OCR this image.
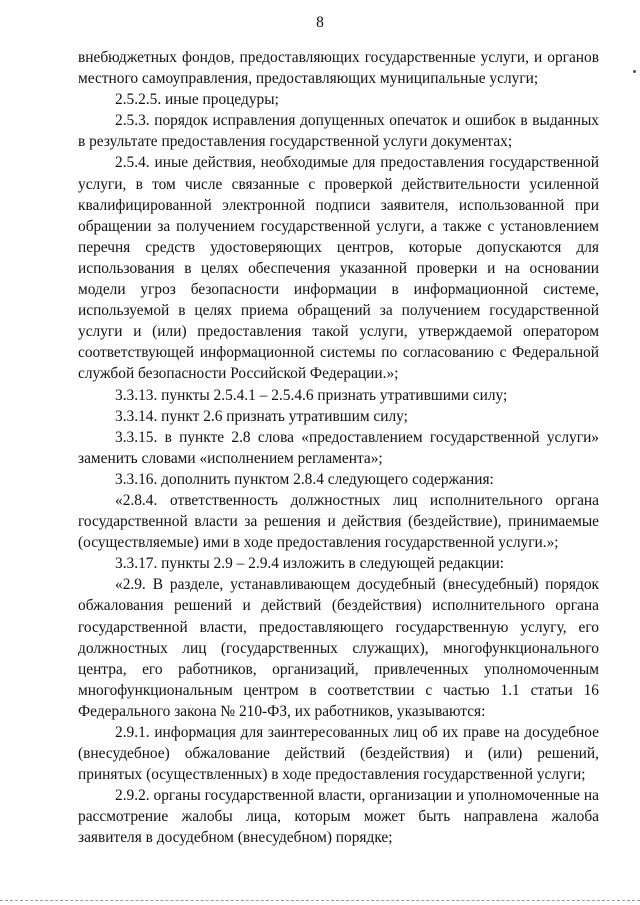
8

внебюджетных фондов, предоставляющих государственные услуги, и органов местного самоуправления, предоставляющих муниципальные услуги;

2.5.2.5. иные процедуры;

2.5.3. порядок исправления допущенных опечаток и ошибок в выданных в результате предоставления государственной услуги документах;

2.5.4. иные действия, необходимые для предоставления государственной услуги, в том числе связанные с проверкой действительности усиленной квалифицированной электронной подписи заявителя, использованной при обращении за получением государственной услуги, а также с установлением перечня средств удостоверяющих центров, которые допускаются для использования в целях обеспечения указанной проверки и на основании модели угроз безопасности информации в информационной системе, используемой в целях приема обращений за получением государственной услуги и (или) предоставления такой услуги, утверждаемой оператором соответствующей информационной системы по согласованию с Федеральной службой безопасности Российской Федерации.»;

3.3.13. пункты 2.5.4.1 – 2.5.4.6 признать утратившими силу;

3.3.14. пункт 2.6 признать утратившим силу;

3.3.15. в пункте 2.8 слова «предоставлением государственной услуги» заменить словами «исполнением регламента»;

3.3.16. дополнить пунктом 2.8.4 следующего содержания:

«2.8.4. ответственность должностных лиц исполнительного органа государственной власти за решения и действия (бездействие), принимаемые (осуществляемые) ими в ходе предоставления государственной услуги.»;

3.3.17. пункты 2.9 – 2.9.4 изложить в следующей редакции:

«2.9. В разделе, устанавливающем досудебный (внесудебный) порядок обжалования решений и действий (бездействия) исполнительного органа государственной власти, предоставляющего государственную услугу, его должностных лиц (государственных служащих), многофункционального центра, его работников, организаций, привлеченных уполномоченным многофункциональным центром в соответствии с частью 1.1 статьи 16 Федерального закона № 210-ФЗ, их работников, указываются:

2.9.1. информация для заинтересованных лиц об их праве на досудебное (внесудебное) обжалование действий (бездействия) и (или) решений, принятых (осуществленных) в ходе предоставления государственной услуги;

2.9.2. органы государственной власти, организации и уполномоченные на рассмотрение жалобы лица, которым может быть направлена жалоба заявителя в досудебном (внесудебном) порядке;
